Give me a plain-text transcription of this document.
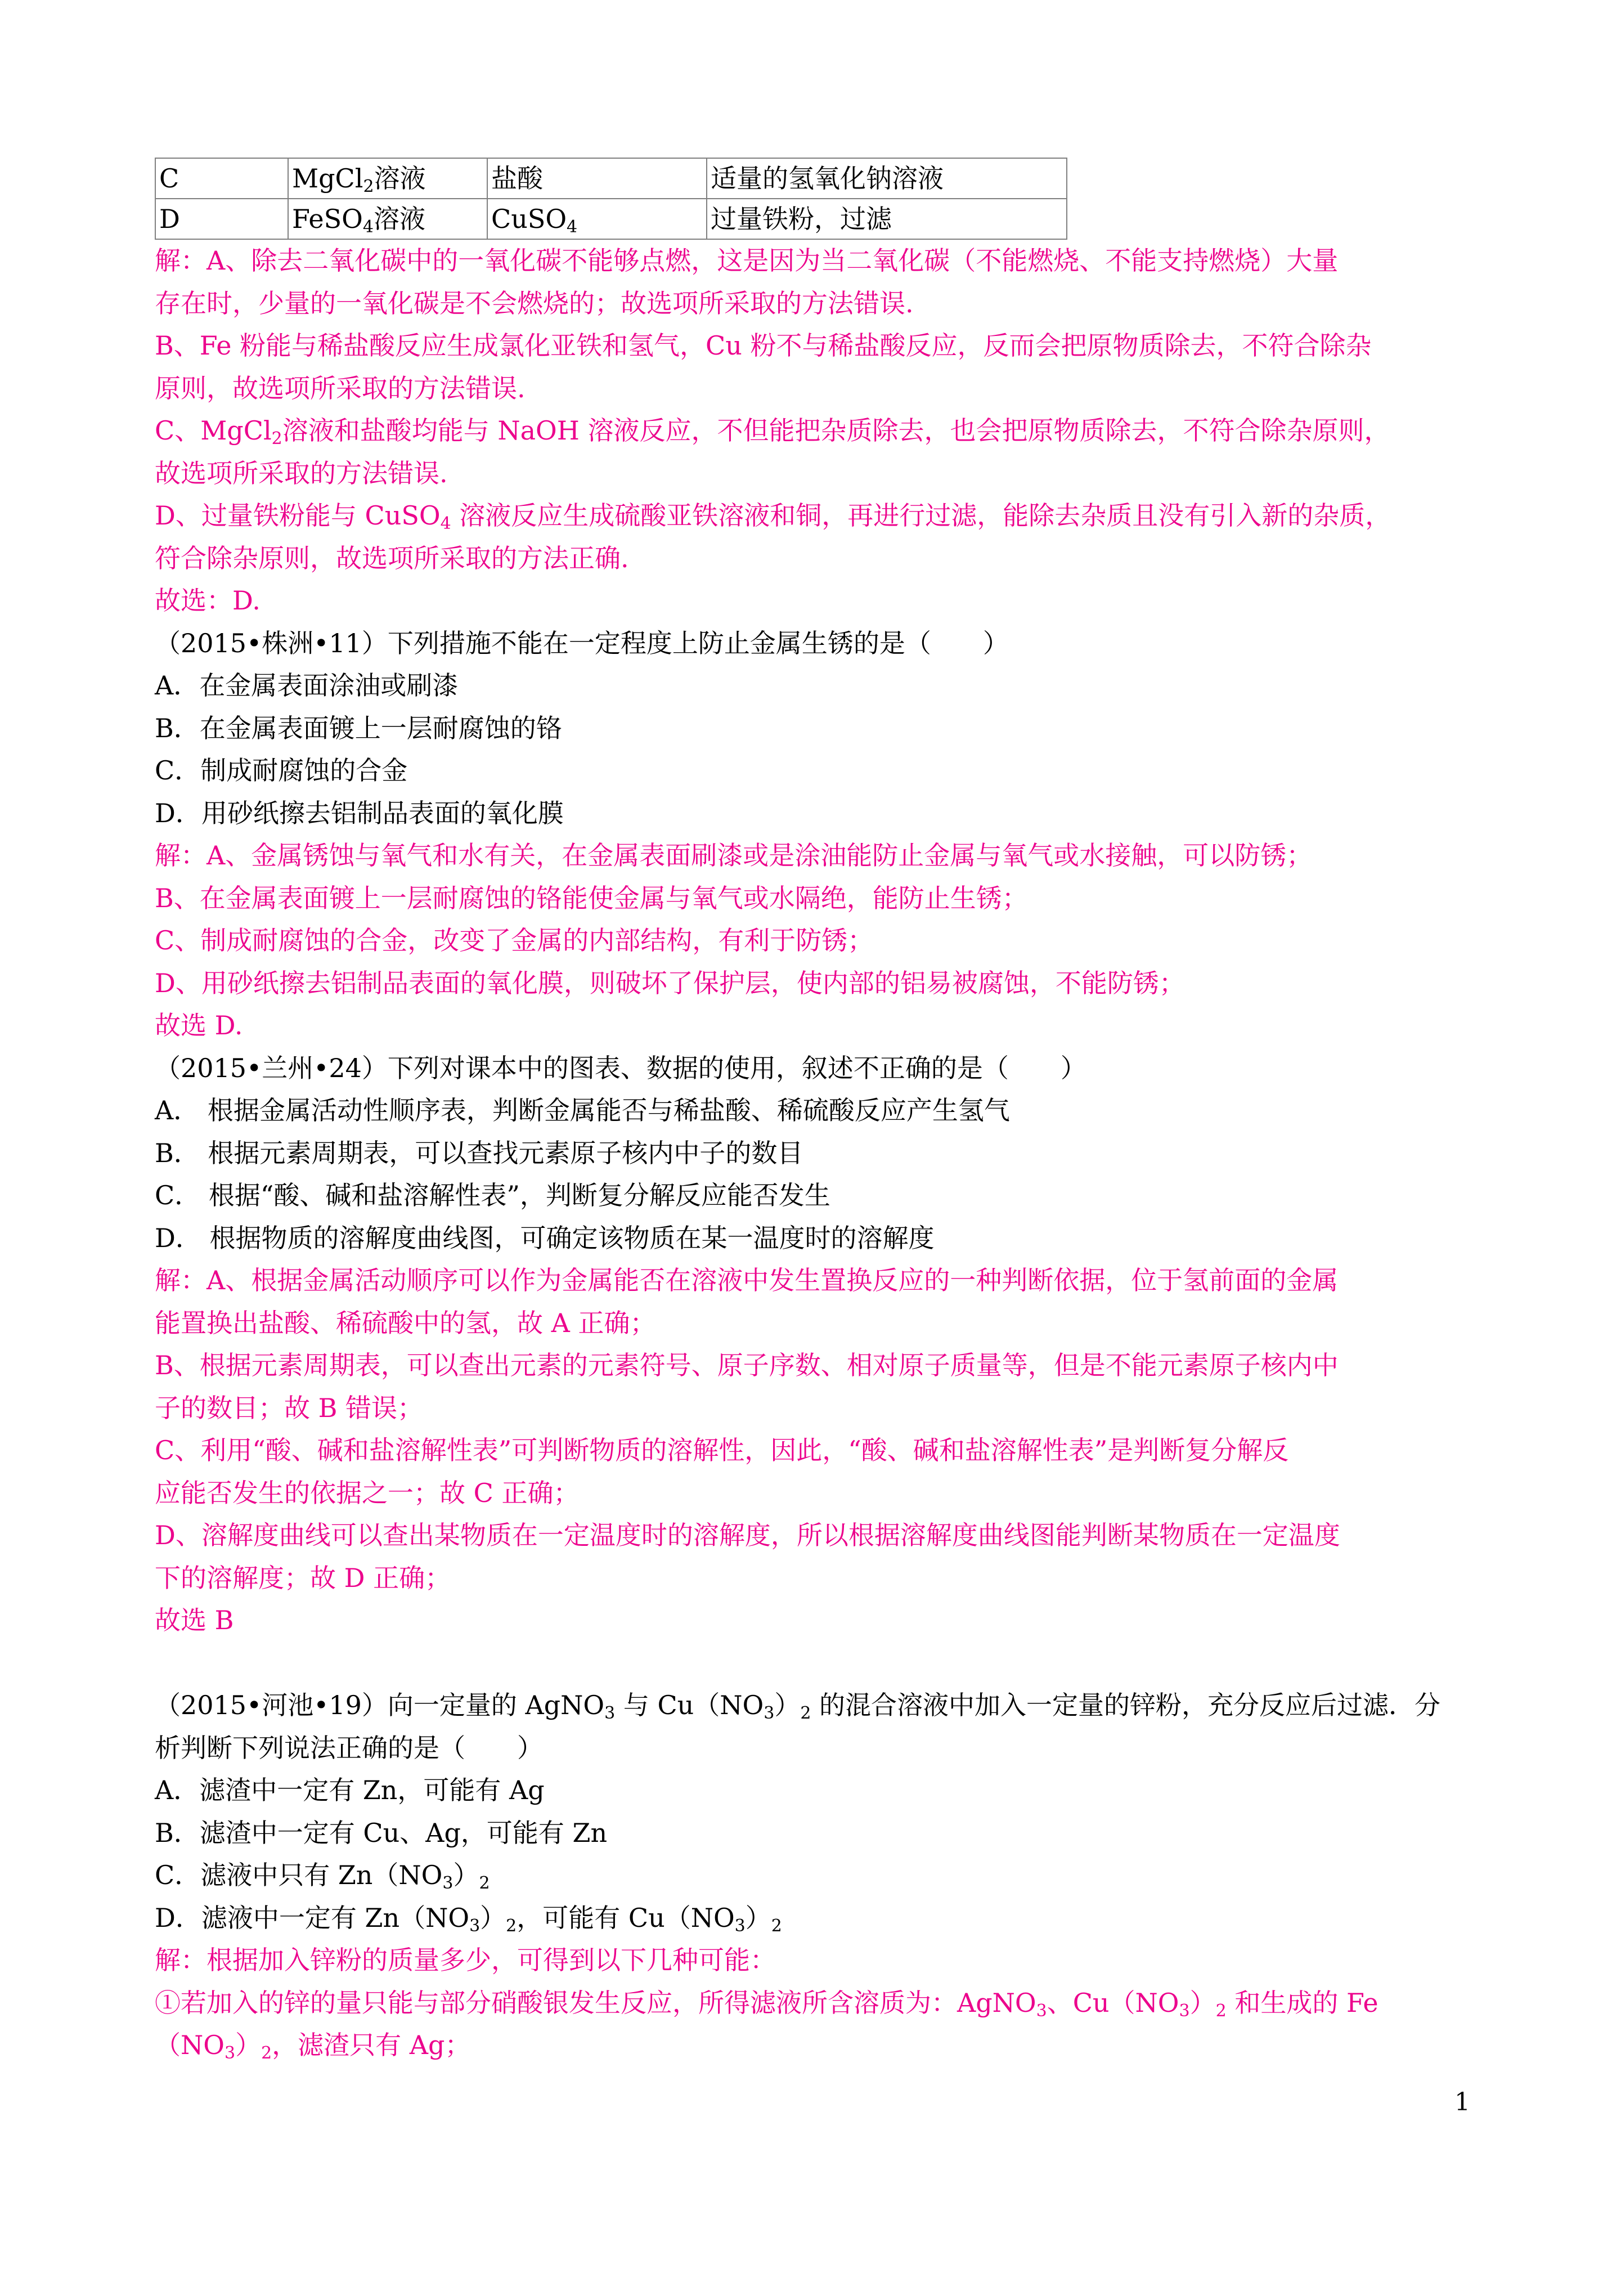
C	MgCl$_2$溶液	盐酸	适量的氢氧化钠溶液
D	FeSO$_4$溶液	CuSO$_4$	过量铁粉，过滤
解：A、除去二氧化碳中的一氧化碳不能够点燃，这是因为当二氧化碳（不能燃烧、不能支持燃烧）大量
存在时，少量的一氧化碳是不会燃烧的；故选项所采取的方法错误.
B、Fe 粉能与稀盐酸反应生成氯化亚铁和氢气，Cu 粉不与稀盐酸反应，反而会把原物质除去，不符合除杂
原则，故选项所采取的方法错误.
C、MgCl$_2$溶液和盐酸均能与 NaOH 溶液反应，不但能把杂质除去，也会把原物质除去，不符合除杂原则，
故选项所采取的方法错误.
D、过量铁粉能与 CuSO$_4$ 溶液反应生成硫酸亚铁溶液和铜，再进行过滤，能除去杂质且没有引入新的杂质，
符合除杂原则，故选项所采取的方法正确.
故选：D.
（2015•株洲•11）下列措施不能在一定程度上防止金属生锈的是（　　）
A．在金属表面涂油或刷漆
B．在金属表面镀上一层耐腐蚀的铬
C．制成耐腐蚀的合金
D．用砂纸擦去铝制品表面的氧化膜
解：A、金属锈蚀与氧气和水有关，在金属表面刷漆或是涂油能防止金属与氧气或水接触，可以防锈；
B、在金属表面镀上一层耐腐蚀的铬能使金属与氧气或水隔绝，能防止生锈；
C、制成耐腐蚀的合金，改变了金属的内部结构，有利于防锈；
D、用砂纸擦去铝制品表面的氧化膜，则破坏了保护层，使内部的铝易被腐蚀，不能防锈；
故选 D.
（2015•兰州•24）下列对课本中的图表、数据的使用，叙述不正确的是（　　）
A． 根据金属活动性顺序表，判断金属能否与稀盐酸、稀硫酸反应产生氢气
B． 根据元素周期表，可以查找元素原子核内中子的数目
C． 根据“酸、碱和盐溶解性表”，判断复分解反应能否发生
D． 根据物质的溶解度曲线图，可确定该物质在某一温度时的溶解度
解：A、根据金属活动顺序可以作为金属能否在溶液中发生置换反应的一种判断依据，位于氢前面的金属
能置换出盐酸、稀硫酸中的氢，故 A 正确；
B、根据元素周期表，可以查出元素的元素符号、原子序数、相对原子质量等，但是不能元素原子核内中
子的数目；故 B 错误；
C、利用“酸、碱和盐溶解性表”可判断物质的溶解性，因此，“酸、碱和盐溶解性表”是判断复分解反
应能否发生的依据之一；故 C 正确；
D、溶解度曲线可以查出某物质在一定温度时的溶解度，所以根据溶解度曲线图能判断某物质在一定温度
下的溶解度；故 D 正确；
故选 B
（2015•河池•19）向一定量的 AgNO$_3$ 与 $Cu(NO_3)_2$ 的混合溶液中加入一定量的锌粉，充分反应后过滤．分
析判断下列说法正确的是（　　）
A．滤渣中一定有 Zn，可能有 Ag
B．滤渣中一定有 Cu、Ag，可能有 Zn
C．滤液中只有 $Zn(NO_3)_2$
D．滤液中一定有 $Zn(NO_3)_2$，可能有 $Cu(NO_3)_2$
解：根据加入锌粉的质量多少，可得到以下几种可能：
①若加入的锌的量只能与部分硝酸银发生反应，所得滤液所含溶质为：AgNO$_3$、$Cu(NO_3)_2$ 和生成的 Fe
$(NO_3)_2$，滤渣只有 Ag；
1
